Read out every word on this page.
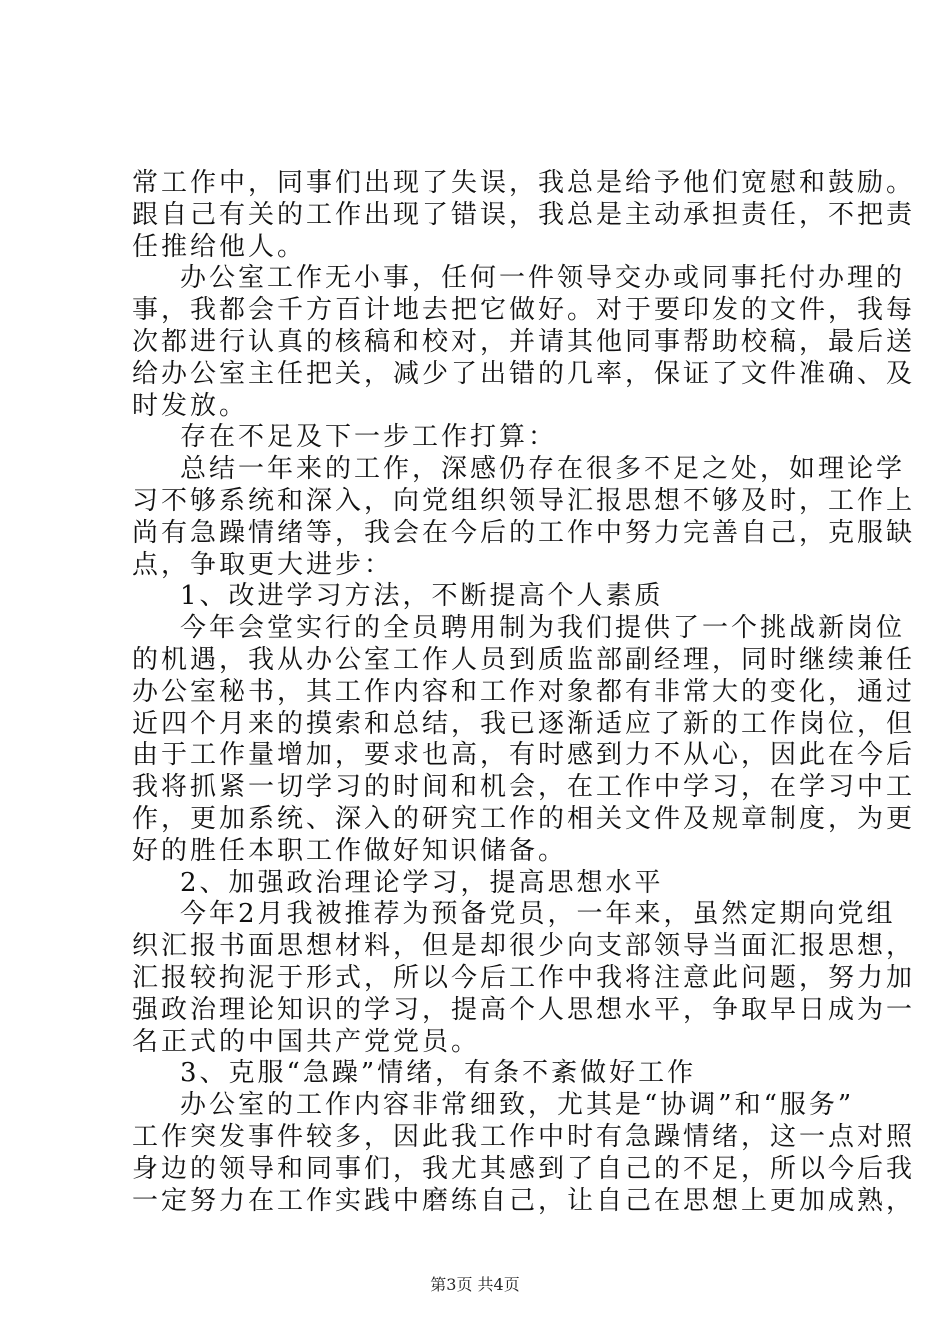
常工作中，同事们出现了失误，我总是给予他们宽慰和鼓励。
跟自己有关的工作出现了错误，我总是主动承担责任，不把责
任推给他人。
办公室工作无小事，任何一件领导交办或同事托付办理的
事，我都会千方百计地去把它做好。对于要印发的文件，我每
次都进行认真的核稿和校对，并请其他同事帮助校稿，最后送
给办公室主任把关，减少了出错的几率，保证了文件准确、及
时发放。
存在不足及下一步工作打算：
总结一年来的工作，深感仍存在很多不足之处，如理论学
习不够系统和深入，向党组织领导汇报思想不够及时，工作上
尚有急躁情绪等，我会在今后的工作中努力完善自己，克服缺
点，争取更大进步：
1、改进学习方法，不断提高个人素质
今年会堂实行的全员聘用制为我们提供了一个挑战新岗位
的机遇，我从办公室工作人员到质监部副经理，同时继续兼任
办公室秘书，其工作内容和工作对象都有非常大的变化，通过
近四个月来的摸索和总结，我已逐渐适应了新的工作岗位，但
由于工作量增加，要求也高，有时感到力不从心，因此在今后
我将抓紧一切学习的时间和机会，在工作中学习，在学习中工
作，更加系统、深入的研究工作的相关文件及规章制度，为更
好的胜任本职工作做好知识储备。
2、加强政治理论学习，提高思想水平
今年2月我被推荐为预备党员，一年来，虽然定期向党组
织汇报书面思想材料，但是却很少向支部领导当面汇报思想，
汇报较拘泥于形式，所以今后工作中我将注意此问题，努力加
强政治理论知识的学习，提高个人思想水平，争取早日成为一
名正式的中国共产党党员。
3、克服“急躁”情绪，有条不紊做好工作
办公室的工作内容非常细致，尤其是“协调”和“服务”
工作突发事件较多，因此我工作中时有急躁情绪，这一点对照
身边的领导和同事们，我尤其感到了自己的不足，所以今后我
一定努力在工作实践中磨练自己，让自己在思想上更加成熟，
第3页 共4页
